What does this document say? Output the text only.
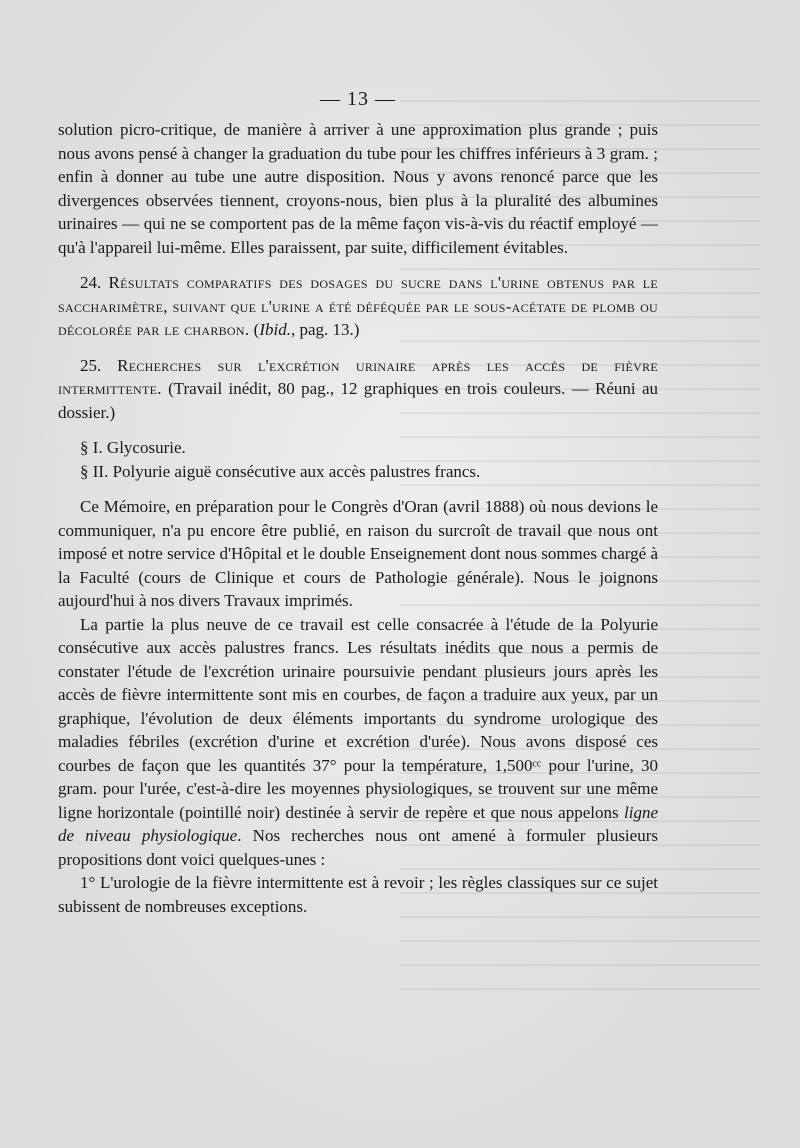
— 13 —

solution picro-critique, de manière à arriver à une approximation plus grande ; puis nous avons pensé à changer la graduation du tube pour les chiffres inférieurs à 3 gram. ; enfin à donner au tube une autre disposition. Nous y avons renoncé parce que les divergences observées tiennent, croyons-nous, bien plus à la pluralité des albumines urinaires — qui ne se comportent pas de la même façon vis-à-vis du réactif employé — qu'à l'appareil lui-même. Elles paraissent, par suite, difficilement évitables.

24. Résultats comparatifs des dosages du sucre dans l'urine obtenus par le saccharimètre, suivant que l'urine a été déféquée par le sous-acétate de plomb ou décolorée par le charbon. (Ibid., pag. 13.)

25. Recherches sur l'excrétion urinaire après les accès de fièvre intermittente. (Travail inédit, 80 pag., 12 graphiques en trois couleurs. — Réuni au dossier.)

§ I. Glycosurie.

§ II. Polyurie aiguë consécutive aux accès palustres francs.

Ce Mémoire, en préparation pour le Congrès d'Oran (avril 1888) où nous devions le communiquer, n'a pu encore être publié, en raison du surcroît de travail que nous ont imposé et notre service d'Hôpital et le double Enseignement dont nous sommes chargé à la Faculté (cours de Clinique et cours de Pathologie générale). Nous le joignons aujourd'hui à nos divers Travaux imprimés.

La partie la plus neuve de ce travail est celle consacrée à l'étude de la Polyurie consécutive aux accès palustres francs. Les résultats inédits que nous a permis de constater l'étude de l'excrétion urinaire poursuivie pendant plusieurs jours après les accès de fièvre intermittente sont mis en courbes, de façon a traduire aux yeux, par un graphique, l'évolution de deux éléments importants du syndrome urologique des maladies fébriles (excrétion d'urine et excrétion d'urée). Nous avons disposé ces courbes de façon que les quantités 37° pour la température, 1,500ᶜᶜ pour l'urine, 30 gram. pour l'urée, c'est-à-dire les moyennes physiologiques, se trouvent sur une même ligne horizontale (pointillé noir) destinée à servir de repère et que nous appelons ligne de niveau physiologique. Nos recherches nous ont amené à formuler plusieurs propositions dont voici quelques-unes :

1° L'urologie de la fièvre intermittente est à revoir ; les règles classiques sur ce sujet subissent de nombreuses exceptions.
